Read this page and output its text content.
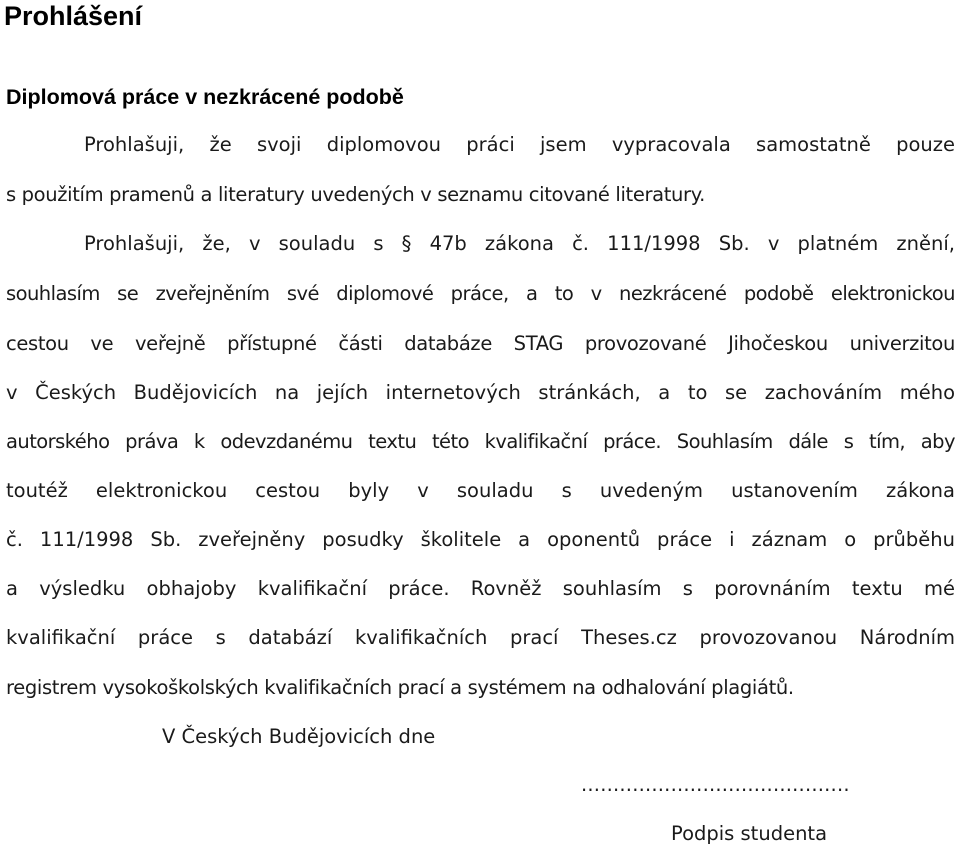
Prohlášení
Diplomová práce v nezkrácené podobě

Prohlašuji, že svoji diplomovou práci jsem vypracovala samostatně pouze

s použitím pramenů a literatury uvedených v seznamu citované literatury.

Prohlašuji, že, v souladu s § 47b zákona č. 111/1998 Sb. v platném znění,

souhlasím se zveřejněním své diplomové práce, a to v nezkrácené podobě elektronickou

cestou ve veřejně přístupné části databáze STAG provozované Jihočeskou univerzitou

v Českých Budějovicích na jejích internetových stránkách, a to se zachováním mého

autorského práva k odevzdanému textu této kvalifikační práce. Souhlasím dále s tím, aby

toutéž elektronickou cestou byly v souladu s uvedeným ustanovením zákona

č. 111/1998 Sb. zveřejněny posudky školitele a oponentů práce i záznam o průběhu

a výsledku obhajoby kvalifikační práce. Rovněž souhlasím s porovnáním textu mé

kvalifikační práce s databází kvalifikačních prací Theses.cz provozovanou Národním

registrem vysokoškolských kvalifikačních prací a systémem na odhalování plagiátů.

V Českých Budějovicích dne

..........................................

Podpis studenta
